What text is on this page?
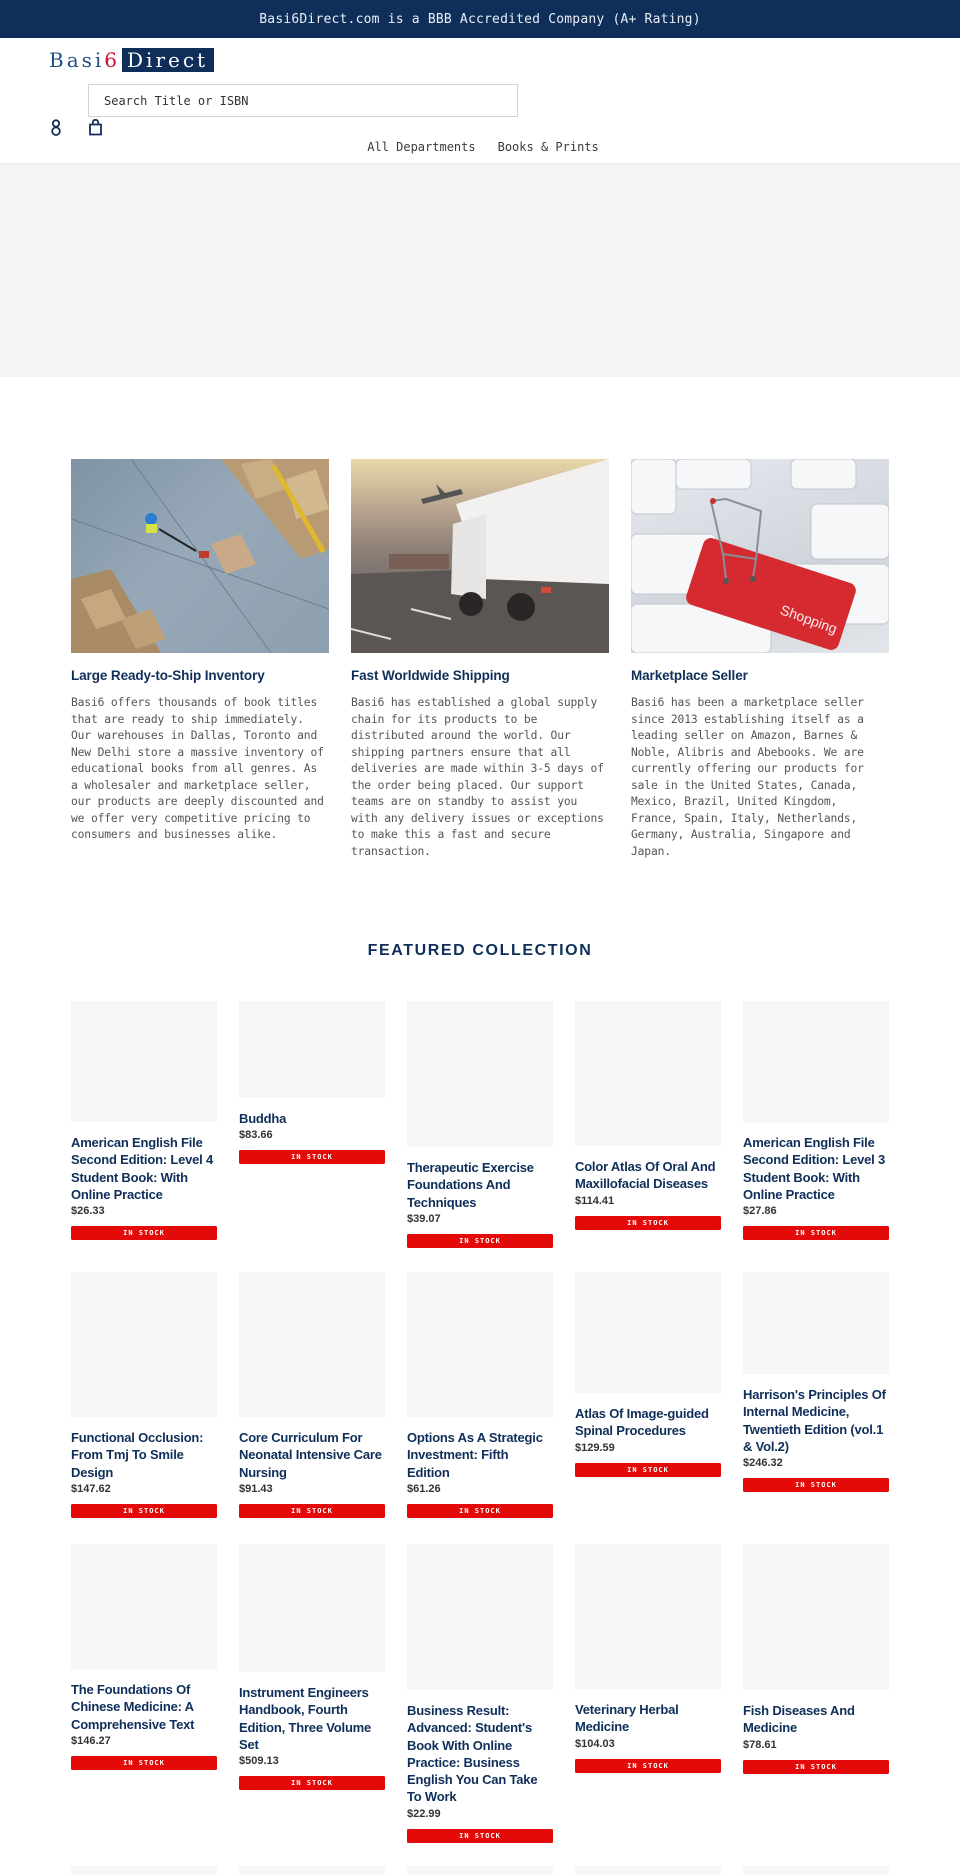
Basi6Direct.com is a BBB Accredited Company (A+ Rating)
Basi6 Direct
Search Title or ISBN
All Departments Books & Prints
Large Ready-to-Ship Inventory

Basi6 offers thousands of book titles that are ready to ship immediately. Our warehouses in Dallas, Toronto and New Delhi store a massive inventory of educational books from all genres. As a wholesaler and marketplace seller, our products are deeply discounted and we offer very competitive pricing to consumers and businesses alike.

Fast Worldwide Shipping

Basi6 has established a global supply chain for its products to be distributed around the world. Our shipping partners ensure that all deliveries are made within 3-5 days of the order being placed. Our support teams are on standby to assist you with any delivery issues or exceptions to make this a fast and secure transaction.

Shopping
Marketplace Seller

Basi6 has been a marketplace seller since 2013 establishing itself as a leading seller on Amazon, Barnes & Noble, Alibris and Abebooks. We are currently offering our products for sale in the United States, Canada, Mexico, Brazil, United Kingdom, France, Spain, Italy, Netherlands, Germany, Australia, Singapore and Japan.

FEATURED COLLECTION
American English File Second Edition: Level 4 Student Book: With Online Practice
$26.33
IN STOCK
Buddha
$83.66
IN STOCK
Therapeutic Exercise Foundations And Techniques
$39.07
IN STOCK
Color Atlas Of Oral And Maxillofacial Diseases
$114.41
IN STOCK
American English File Second Edition: Level 3 Student Book: With Online Practice
$27.86
IN STOCK
Functional Occlusion: From Tmj To Smile Design
$147.62
IN STOCK
Core Curriculum For Neonatal Intensive Care Nursing
$91.43
IN STOCK
Options As A Strategic Investment: Fifth Edition
$61.26
IN STOCK
Atlas Of Image-guided Spinal Procedures
$129.59
IN STOCK
Harrison's Principles Of Internal Medicine, Twentieth Edition (vol.1 & Vol.2)
$246.32
IN STOCK
The Foundations Of Chinese Medicine: A Comprehensive Text
$146.27
IN STOCK
Instrument Engineers Handbook, Fourth Edition, Three Volume Set
$509.13
IN STOCK
Business Result: Advanced: Student's Book With Online Practice: Business English You Can Take To Work
$22.99
IN STOCK
Veterinary Herbal Medicine
$104.03
IN STOCK
Fish Diseases And Medicine
$78.61
IN STOCK
